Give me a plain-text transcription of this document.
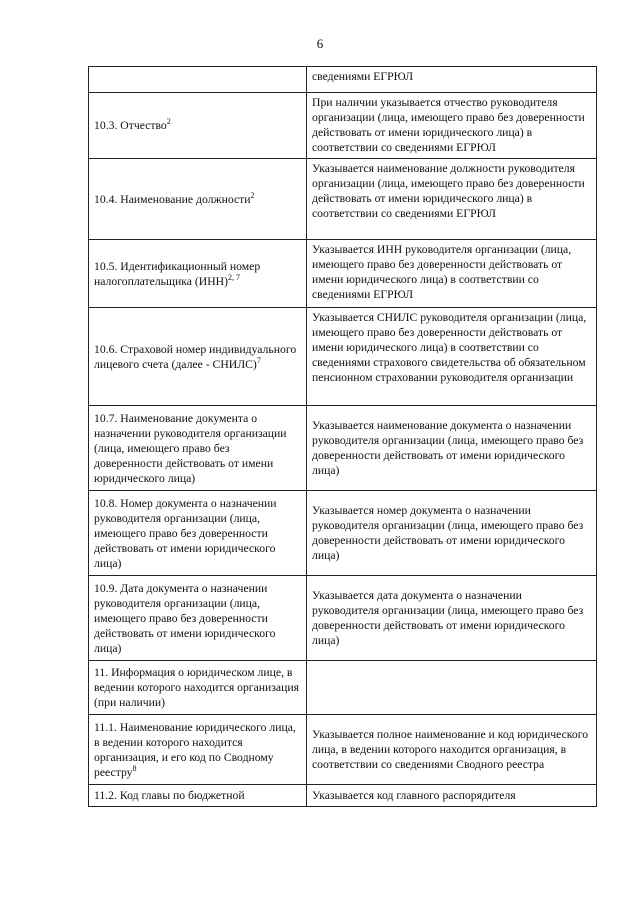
6
	сведениями ЕГРЮЛ
10.3. Отчество$^2$	При наличии указывается отчество руководителя организации (лица, имеющего право без доверенности действовать от имени юридического лица) в соответствии со сведениями ЕГРЮЛ
10.4. Наименование должности$^2$	Указывается наименование должности руководителя организации (лица, имеющего право без доверенности действовать от имени юридического лица) в соответствии со сведениями ЕГРЮЛ
10.5. Идентификационный номер налогоплательщика (ИНН)$^{2, 7}$	Указывается ИНН руководителя организации (лица, имеющего право без доверенности действовать от имени юридического лица) в соответствии со сведениями ЕГРЮЛ
10.6. Страховой номер индивидуального лицевого счета (далее - СНИЛС)$^7$	Указывается СНИЛС руководителя организации (лица, имеющего право без доверенности действовать от имени юридического лица) в соответствии со сведениями страхового свидетельства об обязательном пенсионном страховании руководителя организации
10.7. Наименование документа о назначении руководителя организации (лица, имеющего право без доверенности действовать от имени юридического лица)	Указывается наименование документа о назначении руководителя организации (лица, имеющего право без доверенности действовать от имени юридического лица)
10.8. Номер документа о назначении руководителя организации (лица, имеющего право без доверенности действовать от имени юридического лица)	Указывается номер документа о назначении руководителя организации (лица, имеющего право без доверенности действовать от имени юридического лица)
10.9. Дата документа о назначении руководителя организации (лица, имеющего право без доверенности действовать от имени юридического лица)	Указывается дата документа о назначении руководителя организации (лица, имеющего право без доверенности действовать от имени юридического лица)
11. Информация о юридическом лице, в ведении которого находится организация (при наличии)	
11.1. Наименование юридического лица, в ведении которого находится организация, и его код по Сводному реестру$^8$	Указывается полное наименование и код юридического лица, в ведении которого находится организация, в соответствии со сведениями Сводного реестра
11.2. Код главы по бюджетной	Указывается код главного распорядителя
